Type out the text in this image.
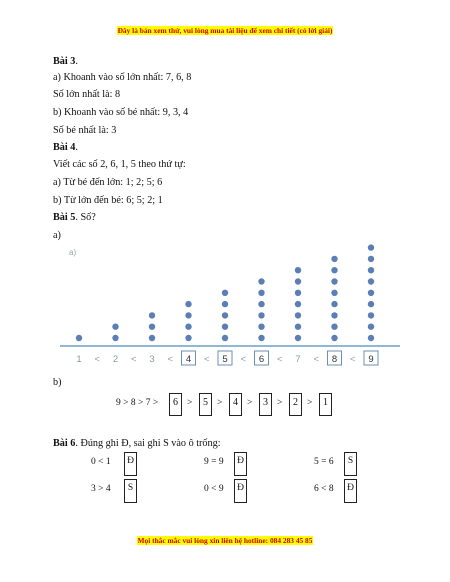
Đây là bản xem thử, vui lòng mua tài liệu để xem chi tiết (có lời giải)
Bài 3.
a) Khoanh vào số lớn nhất: 7, 6, 8
Số lớn nhất là: 8
b) Khoanh vào số bé nhất: 9, 3, 4
Số bé nhất là: 3
Bài 4.
Viết các số 2, 6, 1, 5 theo thứ tự:
a) Từ bé đến lớn: 1; 2; 5; 6
b) Từ lớn đến bé: 6; 5; 2; 1
Bài 5. Số?
a)
a)
1 < 2 < 3 < 4 < 5 < 6 < 7 < 8 < 9
b)
9 > 8 > 7 >	6 >	5 >	4 >	3 >	2 >	1
Bài 6. Đúng ghi Đ, sai ghi S vào ô trống:
0 < 1	Đ	9 = 9	Đ	5 = 6	S
3 > 4	S	0 < 9	Đ	6 < 8	Đ
Mọi thắc mắc vui lòng xin liên hệ hotline: 084 283 45 85
